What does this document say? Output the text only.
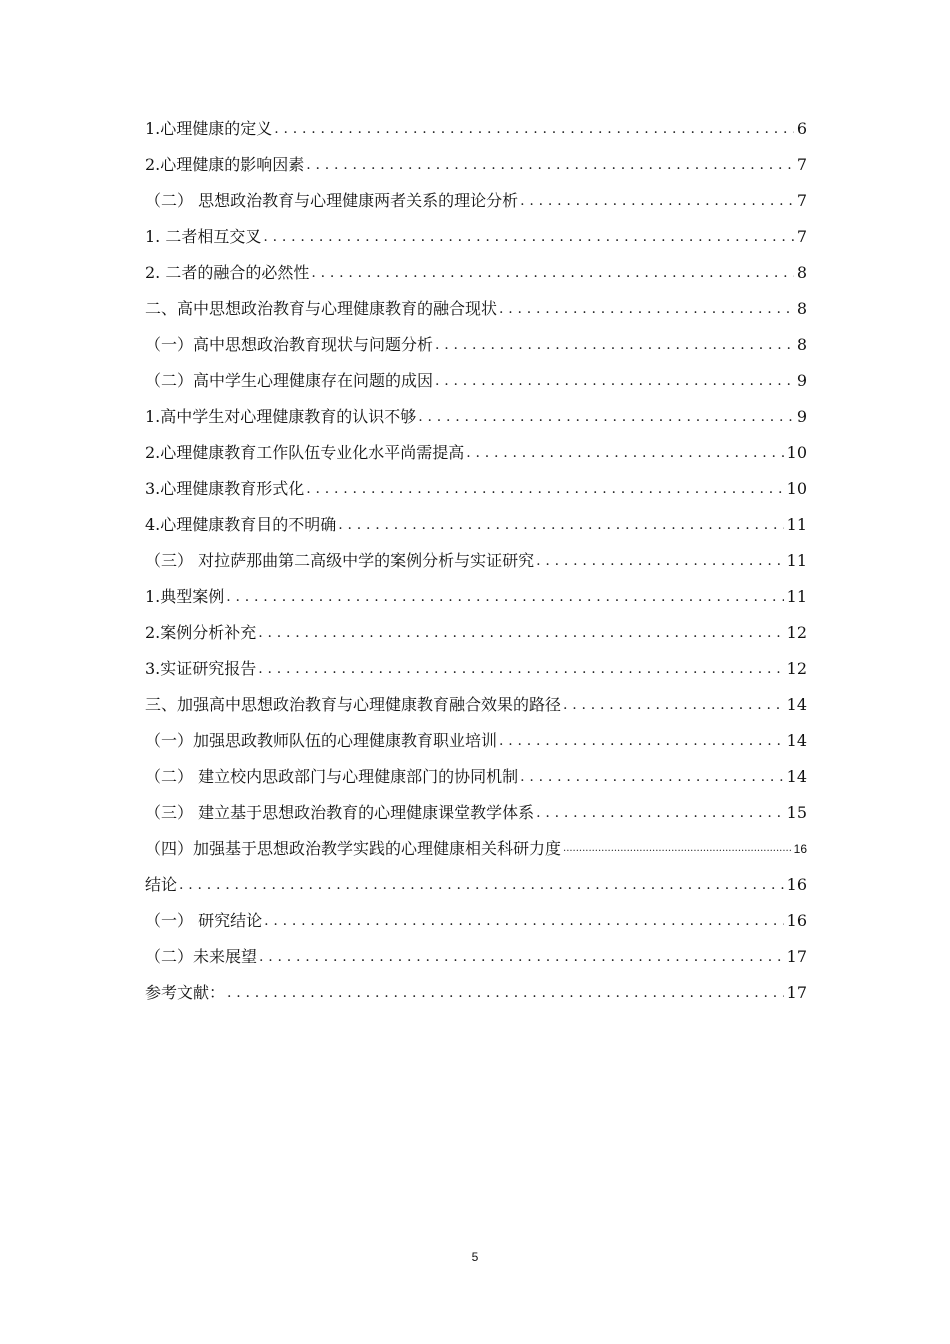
1.心理健康的定义 .....	6
2.心理健康的影响因素 .....	7
（二） 思想政治教育与心理健康两者关系的理论分析 .....	7
1. 二者相互交叉 .....	7
2. 二者的融合的必然性 .....	8
二、高中思想政治教育与心理健康教育的融合现状 .....	8
（一）高中思想政治教育现状与问题分析 .....	8
（二）高中学生心理健康存在问题的成因 .....	9
1.高中学生对心理健康教育的认识不够 .....	9
2.心理健康教育工作队伍专业化水平尚需提高 .....	10
3.心理健康教育形式化 .....	10
4.心理健康教育目的不明确 .....	11
（三） 对拉萨那曲第二高级中学的案例分析与实证研究 .....	11
1.典型案例 .....	11
2.案例分析补充 .....	12
3.实证研究报告 .....	12
三、加强高中思想政治教育与心理健康教育融合效果的路径 .....	14
（一）加强思政教师队伍的心理健康教育职业培训 .....	14
（二） 建立校内思政部门与心理健康部门的协同机制 .....	14
（三） 建立基于思想政治教育的心理健康课堂教学体系 .....	15
（四）加强基于思想政治教学实践的心理健康相关科研力度 .....	16
结论 .....	16
（一） 研究结论 .....	16
（二）未来展望 .....	17
参考文献： .....	17
5
